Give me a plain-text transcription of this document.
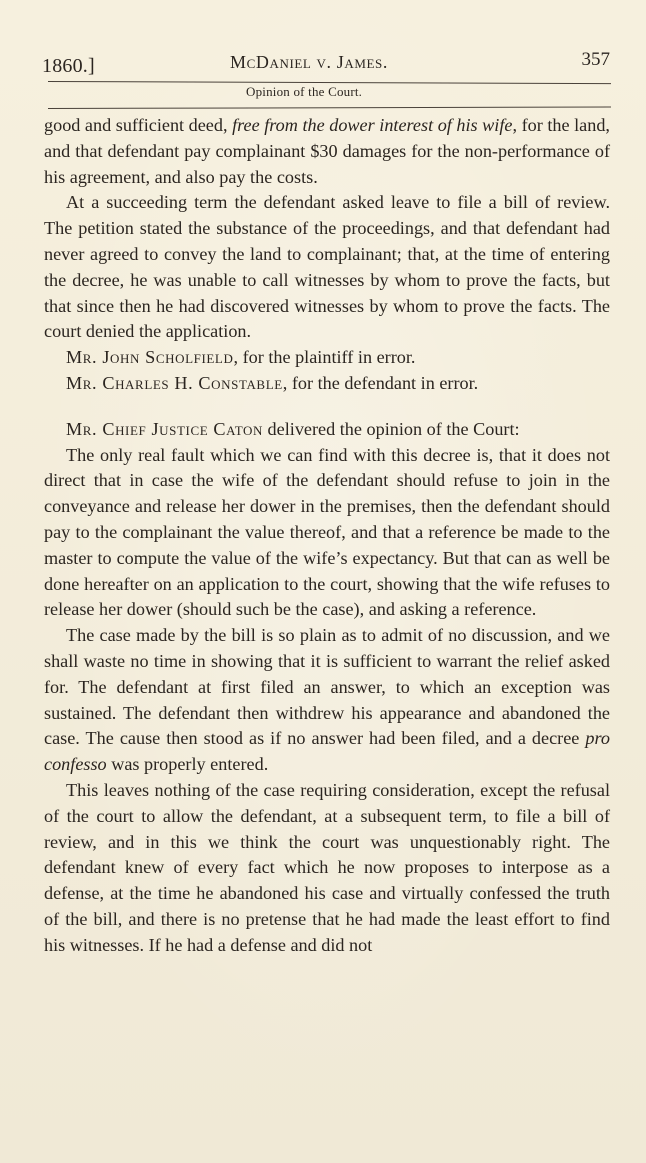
1860.]	McDaniel v. James.	357
Opinion of the Court.

good and sufficient deed, free from the dower interest of his wife, for the land, and that defendant pay complainant $30 damages for the non-performance of his agreement, and also pay the costs.

At a succeeding term the defendant asked leave to file a bill of review. The petition stated the substance of the proceedings, and that defendant had never agreed to convey the land to complainant; that, at the time of entering the decree, he was unable to call witnesses by whom to prove the facts, but that since then he had discovered witnesses by whom to prove the facts. The court denied the application.

Mr. John Scholfield, for the plaintiff in error.

Mr. Charles H. Constable, for the defendant in error.

Mr. Chief Justice Caton delivered the opinion of the Court:

The only real fault which we can find with this decree is, that it does not direct that in case the wife of the defendant should refuse to join in the conveyance and release her dower in the premises, then the defendant should pay to the complainant the value thereof, and that a reference be made to the master to compute the value of the wife’s expectancy. But that can as well be done hereafter on an application to the court, showing that the wife refuses to release her dower (should such be the case), and asking a reference.

The case made by the bill is so plain as to admit of no discussion, and we shall waste no time in showing that it is sufficient to warrant the relief asked for. The defendant at first filed an answer, to which an exception was sustained. The defendant then withdrew his appearance and abandoned the case. The cause then stood as if no answer had been filed, and a decree pro confesso was properly entered.

This leaves nothing of the case requiring consideration, except the refusal of the court to allow the defendant, at a subsequent term, to file a bill of review, and in this we think the court was unquestionably right. The defendant knew of every fact which he now proposes to interpose as a defense, at the time he abandoned his case and virtually confessed the truth of the bill, and there is no pretense that he had made the least effort to find his witnesses. If he had a defense and did not
